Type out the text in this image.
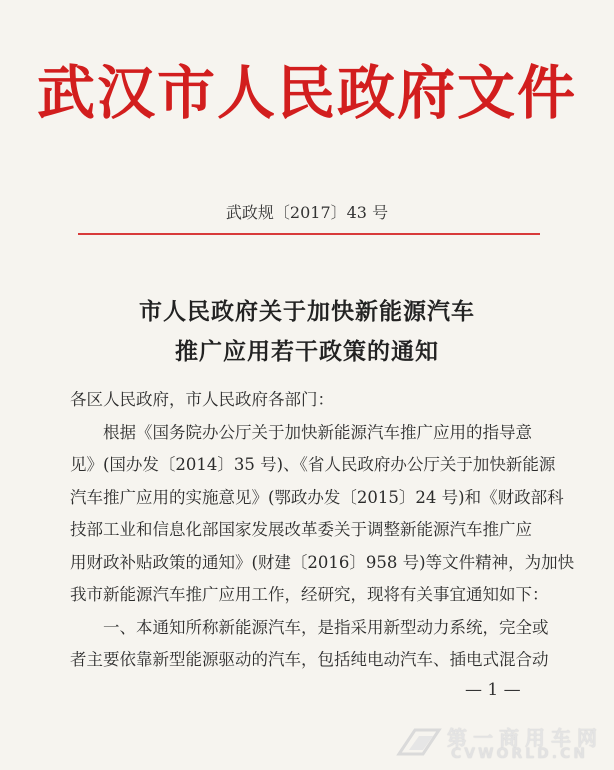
武汉市人民政府文件
武政规〔2017〕43 号
市人民政府关于加快新能源汽车
推广应用若干政策的通知
各区人民政府，市人民政府各部门：
根据《国务院办公厅关于加快新能源汽车推广应用的指导意
见》(国办发〔2014〕35 号)、《省人民政府办公厅关于加快新能源
汽车推广应用的实施意见》(鄂政办发〔2015〕24 号)和《财政部科
技部工业和信息化部国家发展改革委关于调整新能源汽车推广应
用财政补贴政策的通知》(财建〔2016〕958 号)等文件精神，为加快
我市新能源汽车推广应用工作，经研究，现将有关事宜通知如下：
一、本通知所称新能源汽车，是指采用新型动力系统，完全或
者主要依靠新型能源驱动的汽车，包括纯电动汽车、插电式混合动
— 1 —
第一商用车网
CVWORLD.CN
